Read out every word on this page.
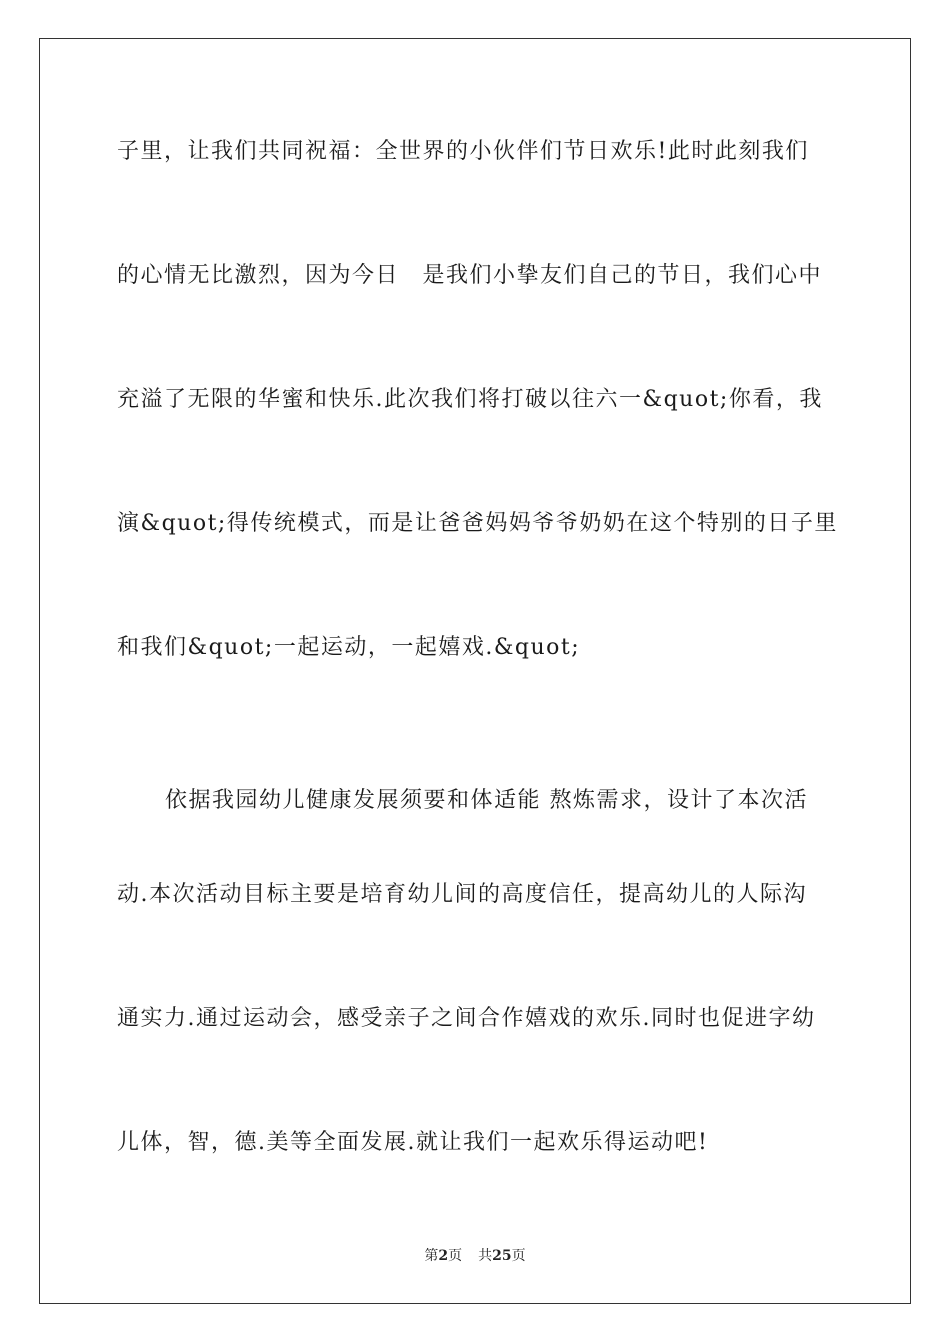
子里，让我们共同祝福：全世界的小伙伴们节日欢乐!此时此刻我们
的心情无比激烈，因为今日　是我们小挚友们自己的节日，我们心中
充溢了无限的华蜜和快乐.此次我们将打破以往六一&quot;你看，我
演&quot;得传统模式，而是让爸爸妈妈爷爷奶奶在这个特别的日子里
和我们&quot;一起运动，一起嬉戏.&quot;
依据我园幼儿健康发展须要和体适能 熬炼需求，设计了本次活
动.本次活动目标主要是培育幼儿间的高度信任，提高幼儿的人际沟
通实力.通过运动会，感受亲子之间合作嬉戏的欢乐.同时也促进字幼
儿体，智，德.美等全面发展.就让我们一起欢乐得运动吧!
第2页 共25页
